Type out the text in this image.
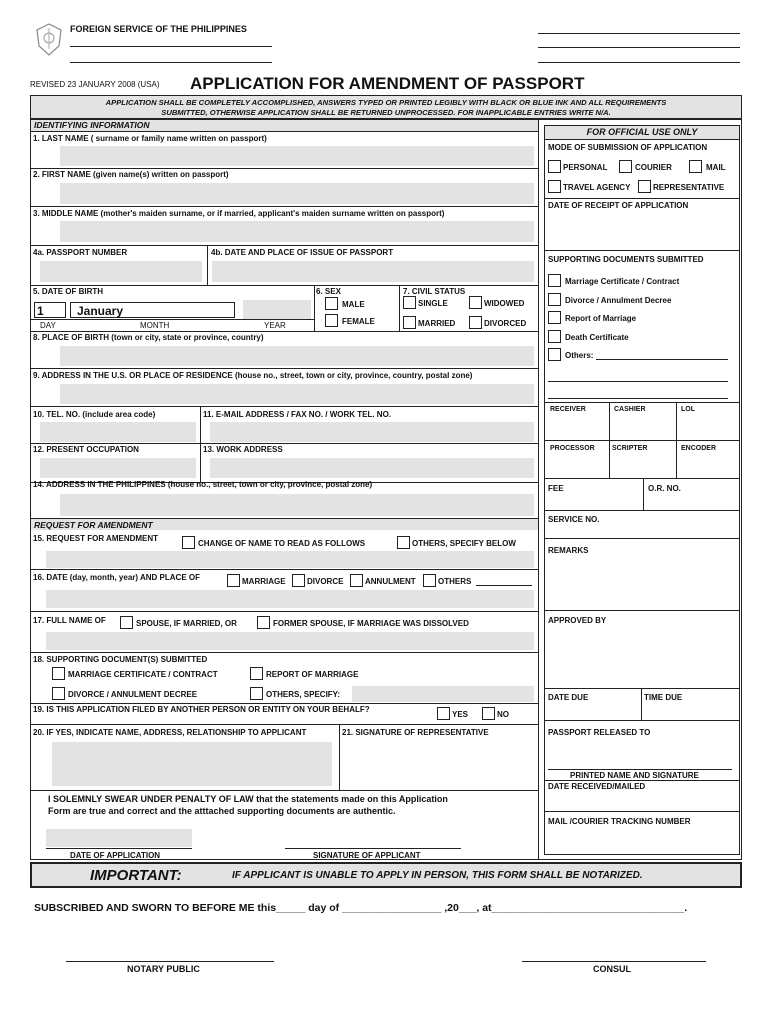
FOREIGN SERVICE OF THE PHILIPPINES
REVISED 23 JANUARY 2008 (USA) APPLICATION FOR AMENDMENT OF PASSPORT
APPLICATION SHALL BE COMPLETELY ACCOMPLISHED, ANSWERS TYPED OR PRINTED LEGIBLY WITH BLACK OR BLUE INK AND ALL REQUIREMENTS
SUBMITTED, OTHERWISE APPLICATION SHALL BE RETURNED UNPROCESSED. FOR INAPPLICABLE ENTRIES WRITE N/A.
IDENTIFYING INFORMATION
1. LAST NAME ( surname or family name written on passport)
2. FIRST NAME (given name(s) written on passport)
3. MIDDLE NAME (mother's maiden surname, or if married, applicant's maiden surname written on passport)
4a. PASSPORT NUMBER	4b. DATE AND PLACE OF ISSUE OF PASSPORT
5. DATE OF BIRTH
1	January
DAY	MONTH	YEAR
6. SEX
MALE
FEMALE
7. CIVIL STATUS
SINGLE	WIDOWED
MARRIED	DIVORCED
8. PLACE OF BIRTH (town or city, state or province, country)
9. ADDRESS IN THE U.S. OR PLACE OF RESIDENCE (house no., street, town or city, province, country, postal zone)
10. TEL. NO. (include area code)	11. E-MAIL ADDRESS / FAX NO. / WORK TEL. NO.
12. PRESENT OCCUPATION	13. WORK ADDRESS
14. ADDRESS IN THE PHILIPPINES (house no., street, town or city, province, postal zone)
REQUEST FOR AMENDMENT
15. REQUEST FOR AMENDMENT
CHANGE OF NAME TO READ AS FOLLOWS	OTHERS, SPECIFY BELOW
16. DATE (day, month, year) AND PLACE OF	MARRIAGE	DIVORCE	ANNULMENT	OTHERS
17. FULL NAME OF	SPOUSE, IF MARRIED, OR	FORMER SPOUSE, IF MARRIAGE WAS DISSOLVED
18. SUPPORTING DOCUMENT(S) SUBMITTED
MARRIAGE CERTIFICATE / CONTRACT	REPORT OF MARRIAGE
DIVORCE / ANNULMENT DECREE	OTHERS, SPECIFY:
19. IS THIS APPLICATION FILED BY ANOTHER PERSON OR ENTITY ON YOUR BEHALF?
YES	NO
20. IF YES, INDICATE NAME, ADDRESS, RELATIONSHIP TO APPLICANT	21. SIGNATURE OF REPRESENTATIVE
I SOLEMNLY SWEAR UNDER PENALTY OF LAW that the statements made on this Application
Form are true and correct and the atttached supporting documents are authentic.
DATE OF APPLICATION	SIGNATURE OF APPLICANT
FOR OFFICIAL USE ONLY
MODE OF SUBMISSION OF APPLICATION
PERSONAL	COURIER	MAIL
TRAVEL AGENCY	REPRESENTATIVE
DATE OF RECEIPT OF APPLICATION
SUPPORTING DOCUMENTS SUBMITTED
Marriage Certificate / Contract
Divorce / Annulment Decree
Report of Marriage
Death Certificate
Others:
RECEIVER	CASHIER	LOL
PROCESSOR SCRIPTER	ENCODER
FEE	O.R. NO.
SERVICE NO.
REMARKS
APPROVED BY
DATE DUE	TIME DUE
PASSPORT RELEASED TO
PRINTED NAME AND SIGNATURE
DATE RECEIVED/MAILED
MAIL /COURIER TRACKING NUMBER
IMPORTANT:	IF APPLICANT IS UNABLE TO APPLY IN PERSON, THIS FORM SHALL BE NOTARIZED.
SUBSCRIBED AND SWORN TO BEFORE ME this_____ day of _________________ ,20___, at_________________________________.
NOTARY PUBLIC	CONSUL
